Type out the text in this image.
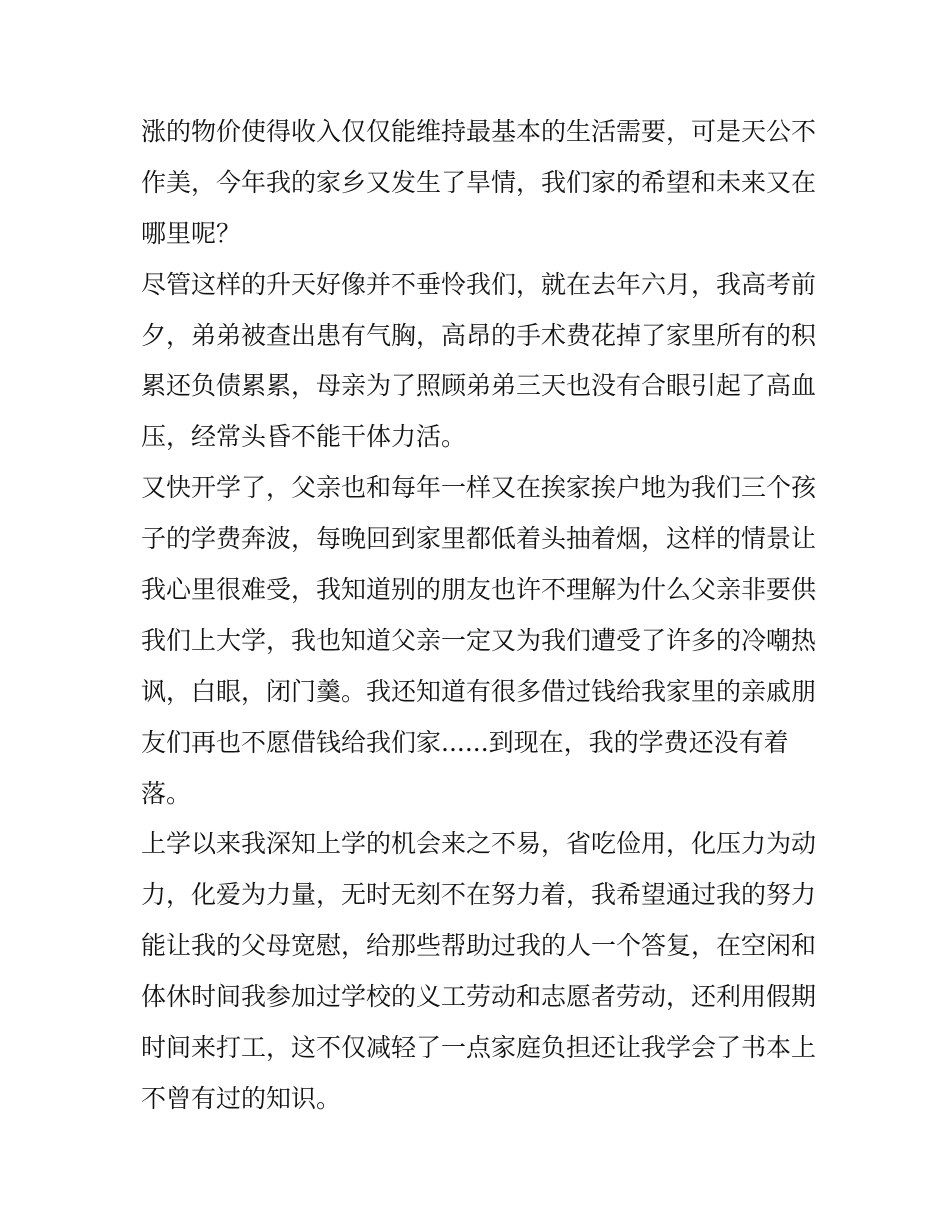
涨的物价使得收入仅仅能维持最基本的生活需要，可是天公不
作美，今年我的家乡又发生了旱情，我们家的希望和未来又在
哪里呢？
尽管这样的升天好像并不垂怜我们，就在去年六月，我高考前
夕，弟弟被查出患有气胸，高昂的手术费花掉了家里所有的积
累还负债累累，母亲为了照顾弟弟三天也没有合眼引起了高血
压，经常头昏不能干体力活。
又快开学了，父亲也和每年一样又在挨家挨户地为我们三个孩
子的学费奔波，每晚回到家里都低着头抽着烟，这样的情景让
我心里很难受，我知道别的朋友也许不理解为什么父亲非要供
我们上大学，我也知道父亲一定又为我们遭受了许多的冷嘲热
讽，白眼，闭门羹。我还知道有很多借过钱给我家里的亲戚朋
友们再也不愿借钱给我们家......到现在，我的学费还没有着
落。
上学以来我深知上学的机会来之不易，省吃俭用，化压力为动
力，化爱为力量，无时无刻不在努力着，我希望通过我的努力
能让我的父母宽慰，给那些帮助过我的人一个答复，在空闲和
体休时间我参加过学校的义工劳动和志愿者劳动，还利用假期
时间来打工，这不仅减轻了一点家庭负担还让我学会了书本上
不曾有过的知识。
